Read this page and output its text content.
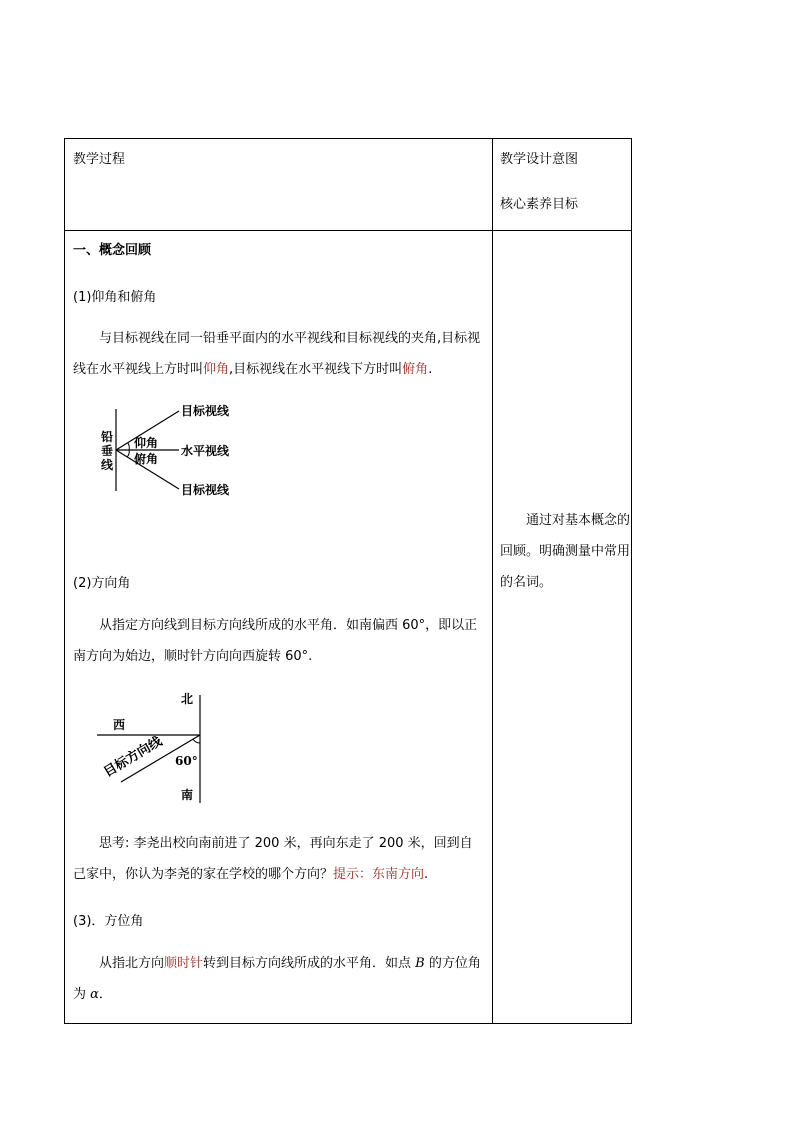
教学过程	教学设计意图
核心素养目标
一、概念回顾
(1)仰角和俯角
与目标视线在同一铅垂平面内的水平视线和目标视线的夹角,目标视线在水平视线上方时叫仰角,目标视线在水平视线下方时叫俯角.
铅
垂
线
仰角
俯角
目标视线
水平视线
目标视线
(2)方向角
从指定方向线到目标方向线所成的水平角．如南偏西 60°，即以正南方向为始边，顺时针方向向西旋转 60°.
北
西
南
60°
目标方向线
思考: 李尧出校向南前进了 200 米，再向东走了 200 米，回到自己家中，你认为李尧的家在学校的哪个方向？提示：东南方向.
(3)．方位角
从指北方向顺时针转到目标方向线所成的水平角．如点 B 的方位角为 α．
通过对基本概念的回顾。明确测量中常用的名词。
